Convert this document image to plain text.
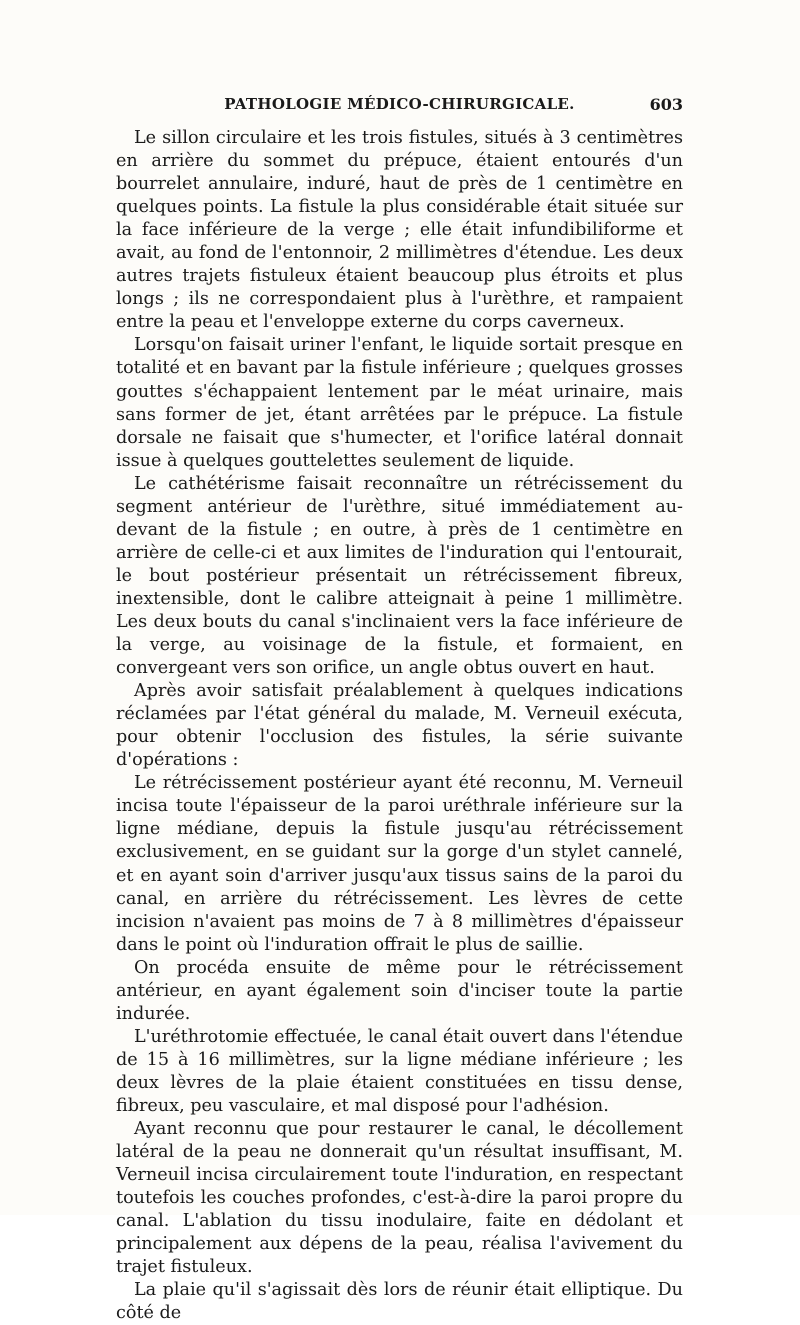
PATHOLOGIE MÉDICO-CHIRURGICALE.	603

Le sillon circulaire et les trois fistules, situés à 3 centimètres en arrière du sommet du prépuce, étaient entourés d'un bourrelet annulaire, induré, haut de près de 1 centimètre en quelques points. La fistule la plus considérable était située sur la face inférieure de la verge ; elle était infundibiliforme et avait, au fond de l'entonnoir, 2 millimètres d'étendue. Les deux autres trajets fistuleux étaient beaucoup plus étroits et plus longs ; ils ne correspondaient plus à l'urèthre, et rampaient entre la peau et l'enveloppe externe du corps caverneux.

Lorsqu'on faisait uriner l'enfant, le liquide sortait presque en totalité et en bavant par la fistule inférieure ; quelques grosses gouttes s'échappaient lentement par le méat urinaire, mais sans former de jet, étant arrêtées par le prépuce. La fistule dorsale ne faisait que s'humecter, et l'orifice latéral donnait issue à quelques gouttelettes seulement de liquide.

Le cathétérisme faisait reconnaître un rétrécissement du segment antérieur de l'urèthre, situé immédiatement au-devant de la fistule ; en outre, à près de 1 centimètre en arrière de celle-ci et aux limites de l'induration qui l'entourait, le bout postérieur présentait un rétrécissement fibreux, inextensible, dont le calibre atteignait à peine 1 millimètre. Les deux bouts du canal s'inclinaient vers la face inférieure de la verge, au voisinage de la fistule, et formaient, en convergeant vers son orifice, un angle obtus ouvert en haut.

Après avoir satisfait préalablement à quelques indications réclamées par l'état général du malade, M. Verneuil exécuta, pour obtenir l'occlusion des fistules, la série suivante d'opérations :

Le rétrécissement postérieur ayant été reconnu, M. Verneuil incisa toute l'épaisseur de la paroi uréthrale inférieure sur la ligne médiane, depuis la fistule jusqu'au rétrécissement exclusivement, en se guidant sur la gorge d'un stylet cannelé, et en ayant soin d'arriver jusqu'aux tissus sains de la paroi du canal, en arrière du rétrécissement. Les lèvres de cette incision n'avaient pas moins de 7 à 8 millimètres d'épaisseur dans le point où l'induration offrait le plus de saillie.

On procéda ensuite de même pour le rétrécissement antérieur, en ayant également soin d'inciser toute la partie indurée.

L'uréthrotomie effectuée, le canal était ouvert dans l'étendue de 15 à 16 millimètres, sur la ligne médiane inférieure ; les deux lèvres de la plaie étaient constituées en tissu dense, fibreux, peu vasculaire, et mal disposé pour l'adhésion.

Ayant reconnu que pour restaurer le canal, le décollement latéral de la peau ne donnerait qu'un résultat insuffisant, M. Verneuil incisa circulairement toute l'induration, en respectant toutefois les couches profondes, c'est-à-dire la paroi propre du canal. L'ablation du tissu inodulaire, faite en dédolant et principalement aux dépens de la peau, réalisa l'avivement du trajet fistuleux.

La plaie qu'il s'agissait dès lors de réunir était elliptique. Du côté de
